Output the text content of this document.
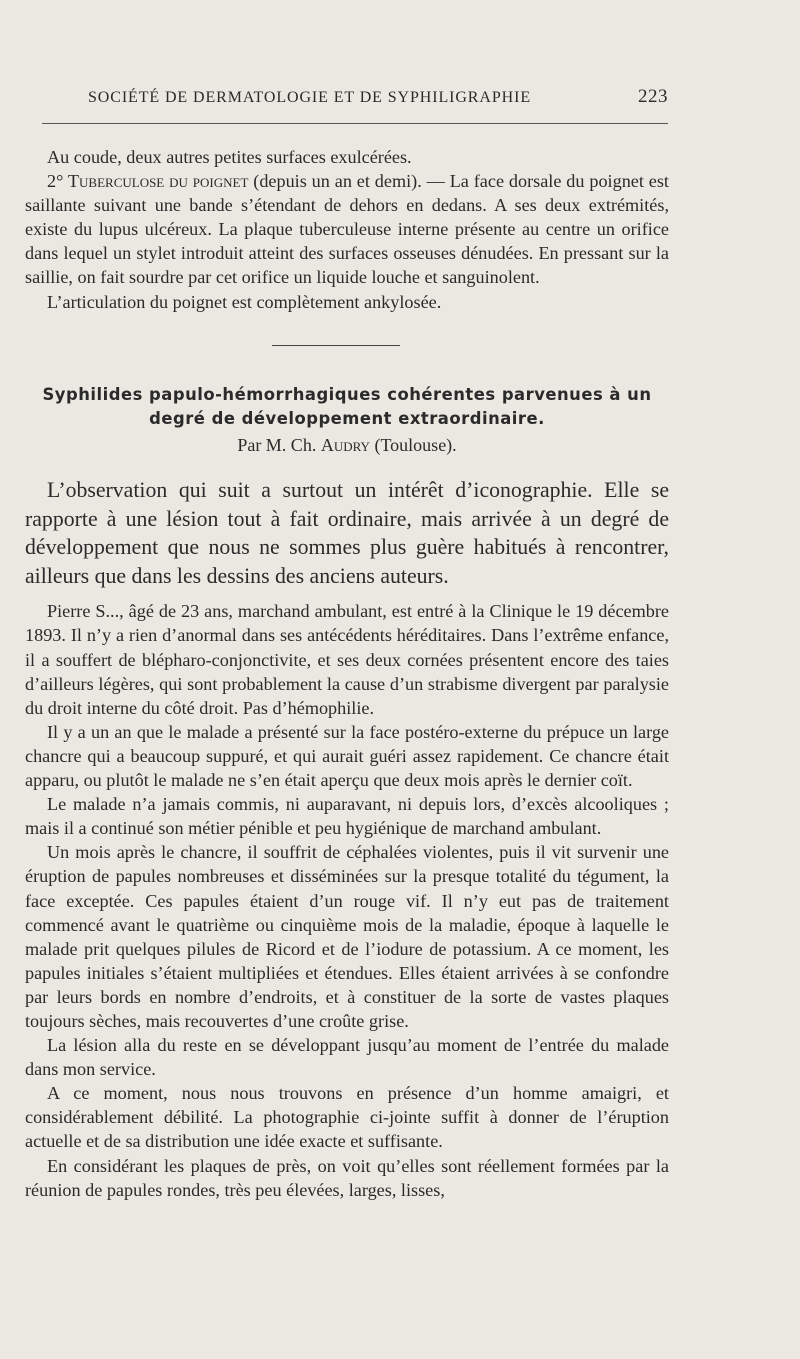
SOCIÉTÉ DE DERMATOLOGIE ET DE SYPHILIGRAPHIE	223

Au coude, deux autres petites surfaces exulcérées.

2° Tuberculose du poignet (depuis un an et demi). — La face dorsale du poignet est saillante suivant une bande s’étendant de dehors en dedans. A ses deux extrémités, existe du lupus ulcéreux. La plaque tuberculeuse interne présente au centre un orifice dans lequel un stylet introduit atteint des surfaces osseuses dénudées. En pressant sur la saillie, on fait sourdre par cet orifice un liquide louche et sanguinolent.

L’articulation du poignet est complètement ankylosée.

Syphilides papulo-hémorrhagiques cohérentes parvenues à un degré de développement extraordinaire.
Par M. Ch. Audry (Toulouse).

L’observation qui suit a surtout un intérêt d’iconographie. Elle se rapporte à une lésion tout à fait ordinaire, mais arrivée à un degré de développement que nous ne sommes plus guère habitués à rencontrer, ailleurs que dans les dessins des anciens auteurs.

Pierre S..., âgé de 23 ans, marchand ambulant, est entré à la Clinique le 19 décembre 1893. Il n’y a rien d’anormal dans ses antécédents héréditaires. Dans l’extrême enfance, il a souffert de blépharo-conjonctivite, et ses deux cornées présentent encore des taies d’ailleurs légères, qui sont probablement la cause d’un strabisme divergent par paralysie du droit interne du côté droit. Pas d’hémophilie.

Il y a un an que le malade a présenté sur la face postéro-externe du prépuce un large chancre qui a beaucoup suppuré, et qui aurait guéri assez rapidement. Ce chancre était apparu, ou plutôt le malade ne s’en était aperçu que deux mois après le dernier coït.

Le malade n’a jamais commis, ni auparavant, ni depuis lors, d’excès alcooliques ; mais il a continué son métier pénible et peu hygiénique de marchand ambulant.

Un mois après le chancre, il souffrit de céphalées violentes, puis il vit survenir une éruption de papules nombreuses et disséminées sur la presque totalité du tégument, la face exceptée. Ces papules étaient d’un rouge vif. Il n’y eut pas de traitement commencé avant le quatrième ou cinquième mois de la maladie, époque à laquelle le malade prit quelques pilules de Ricord et de l’iodure de potassium. A ce moment, les papules initiales s’étaient multipliées et étendues. Elles étaient arrivées à se confondre par leurs bords en nombre d’endroits, et à constituer de la sorte de vastes plaques toujours sèches, mais recouvertes d’une croûte grise.

La lésion alla du reste en se développant jusqu’au moment de l’entrée du malade dans mon service.

A ce moment, nous nous trouvons en présence d’un homme amaigri, et considérablement débilité. La photographie ci-jointe suffit à donner de l’éruption actuelle et de sa distribution une idée exacte et suffisante.

En considérant les plaques de près, on voit qu’elles sont réellement formées par la réunion de papules rondes, très peu élevées, larges, lisses,
